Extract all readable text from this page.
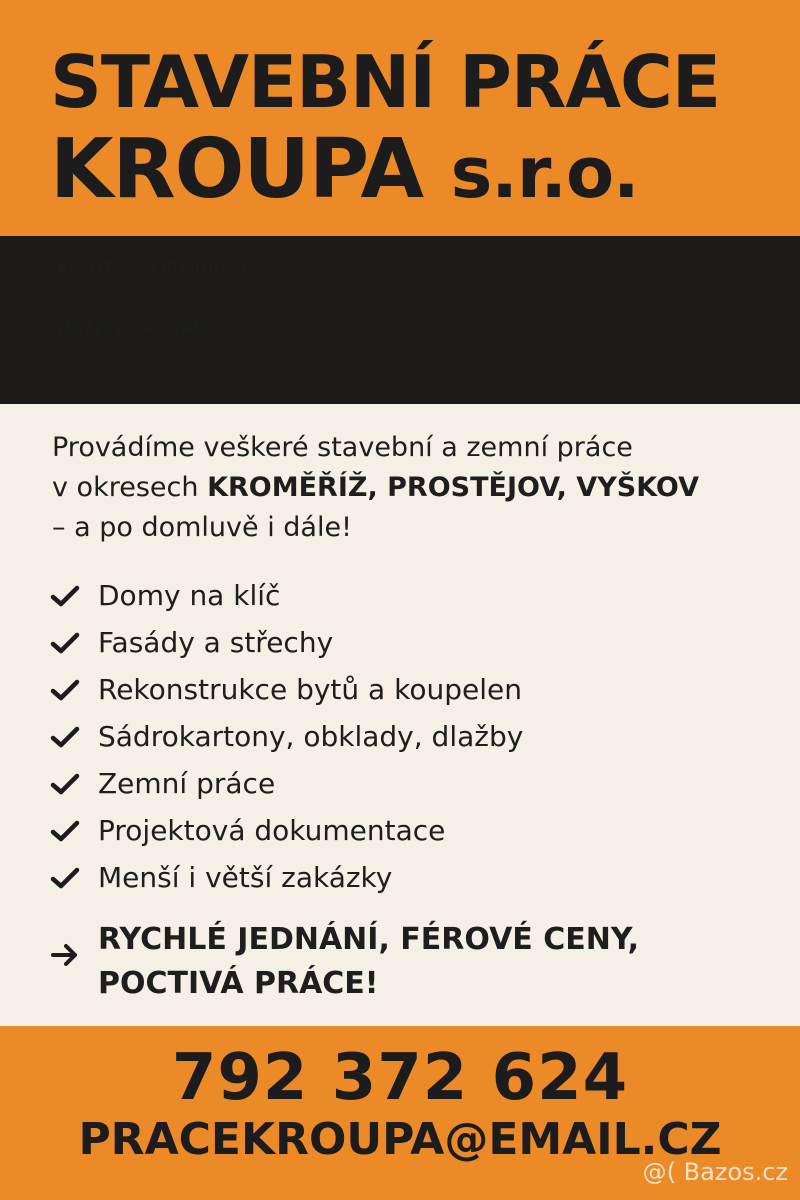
STAVEBNÍ PRÁCE
KROUPA s.r.o.
KVALITA, NA KTEROU SE
MŮŽETE SPOLEHNOUT
Provádíme veškeré stavební a zemní práce
v okresech KROMĚŘÍŽ, PROSTĚJOV, VYŠKOV
– a po domluvě i dále!
Domy na klíč
Fasády a střechy
Rekonstrukce bytů a koupelen
Sádrokartony, obklady, dlažby
Zemní práce
Projektová dokumentace
Menší i větší zakázky
RYCHLÉ JEDNÁNÍ, FÉROVÉ CENY,
POCTIVÁ PRÁCE!
792 372 624
PRACEKROUPA@EMAIL.CZ
@( Bazos.cz
